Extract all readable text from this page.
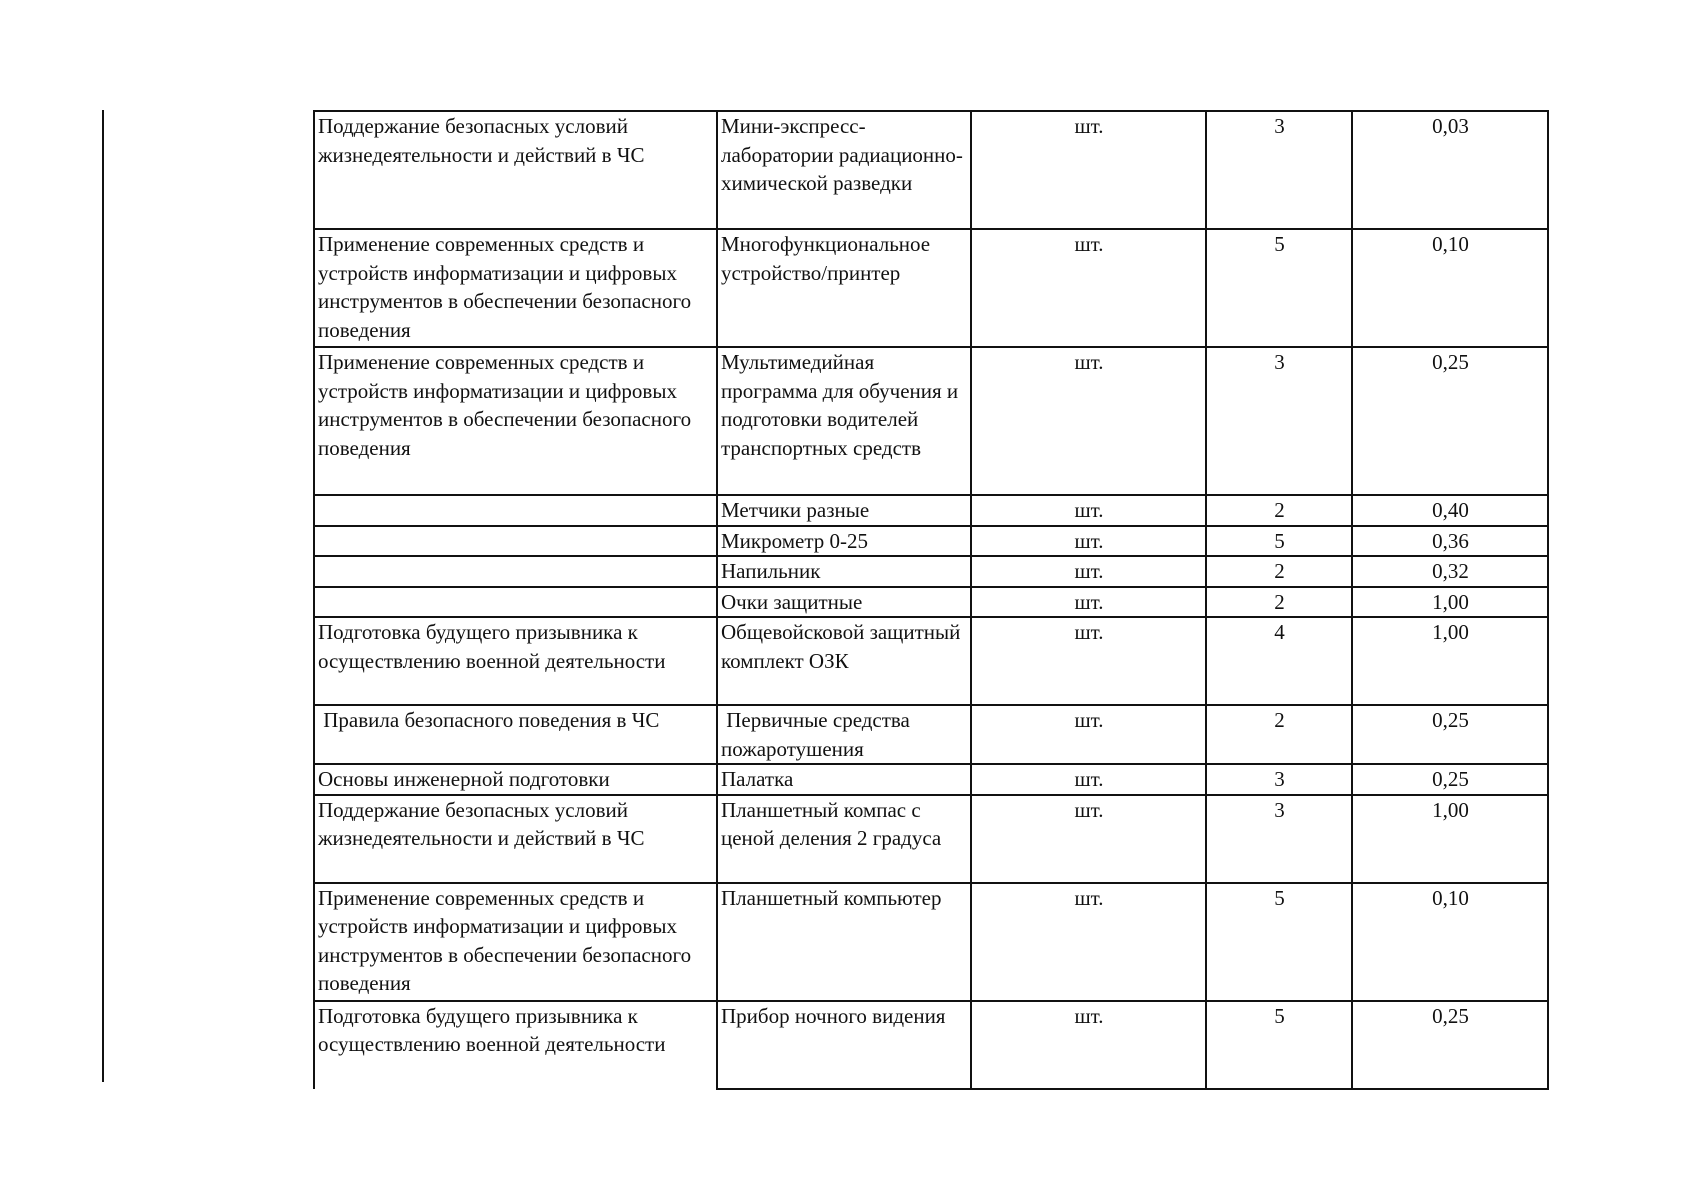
Поддержание безопасных условий жизнедеятельности и действий в ЧС	Мини-экспресс-лаборатории радиационно-химической разведки	шт.	3	0,03
Применение современных средств и устройств информатизации и цифровых инструментов в обеспечении безопасного поведения	Многофункциональное устройство/принтер	шт.	5	0,10
Применение современных средств и устройств информатизации и цифровых инструментов в обеспечении безопасного поведения	Мультимедийная программа для обучения и подготовки водителей транспортных средств	шт.	3	0,25
	Метчики разные	шт.	2	0,40
	Микрометр 0-25	шт.	5	0,36
	Напильник	шт.	2	0,32
	Очки защитные	шт.	2	1,00
Подготовка будущего призывника к осуществлению военной деятельности	Общевойсковой защитный комплект ОЗК	шт.	4	1,00
Правила безопасного поведения в ЧС	Первичные средства пожаротушения	шт.	2	0,25
Основы инженерной подготовки	Палатка	шт.	3	0,25
Поддержание безопасных условий жизнедеятельности и действий в ЧС	Планшетный компас с ценой деления 2 градуса	шт.	3	1,00
Применение современных средств и устройств информатизации и цифровых инструментов в обеспечении безопасного поведения	Планшетный компьютер	шт.	5	0,10
Подготовка будущего призывника к осуществлению военной деятельности	Прибор ночного видения	шт.	5	0,25
